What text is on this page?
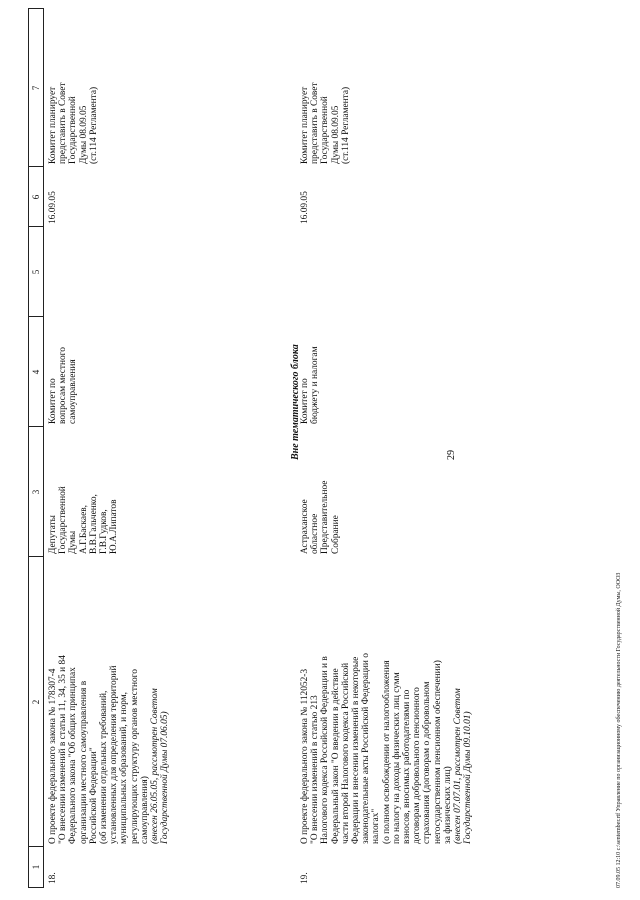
29
1
2
3
4
5
6
7
18.
О проекте федерального закона № 178307-4 "О внесении изменений в статьи 11, 34, 35 и 84 Федерального закона "Об общих принципах организации местного самоуправления в Российской Федерации" (об изменении отдельных требований, установленных для определения территорий муниципальных образований, и норм, регулирующих структуру органов местного самоуправления) (внесен 26.05.05, рассмотрен Советом Государственной Думы 07.06.05)
Депутаты Государственной Думы А.Г.Баскаев, В.В.Гальченко, Г.В.Гудков, Ю.А.Липатов
Комитет по вопросам местного самоуправления
16.09.05
Комитет планирует представить в Совет Государственной Думы 08.09.05 (ст.114 Регламента)
Вне тематического блока
19.
О проекте федерального закона № 112052-3 "О внесении изменений в статью 213 Налогового кодекса Российской Федерации и в Федеральный закон "О введении в действие части второй Налогового кодекса Российской Федерации и внесении изменений в некоторые законодательные акты Российской Федерации о налогах" (о полном освобождении от налогообложения по налогу на доходы физических лиц сумм взносов, вносимых работодателями по договорам добровольного пенсионного страхования (договорам о добровольном негосударственном пенсионном обеспечении) за физических лиц) (внесен 07.07.01, рассмотрен Советом Государственной Думы 09.10.01)
Астраханское областное Представительное Собрание
Комитет по бюджету и налогам
16.09.05
Комитет планирует представить в Совет Государственной Думы 08.09.05 (ст.114 Регламента)
07.09.05 12:10 c:\sentember.rtf Управление по организационному обеспечению деятельности Государственной Думы, ООО3
